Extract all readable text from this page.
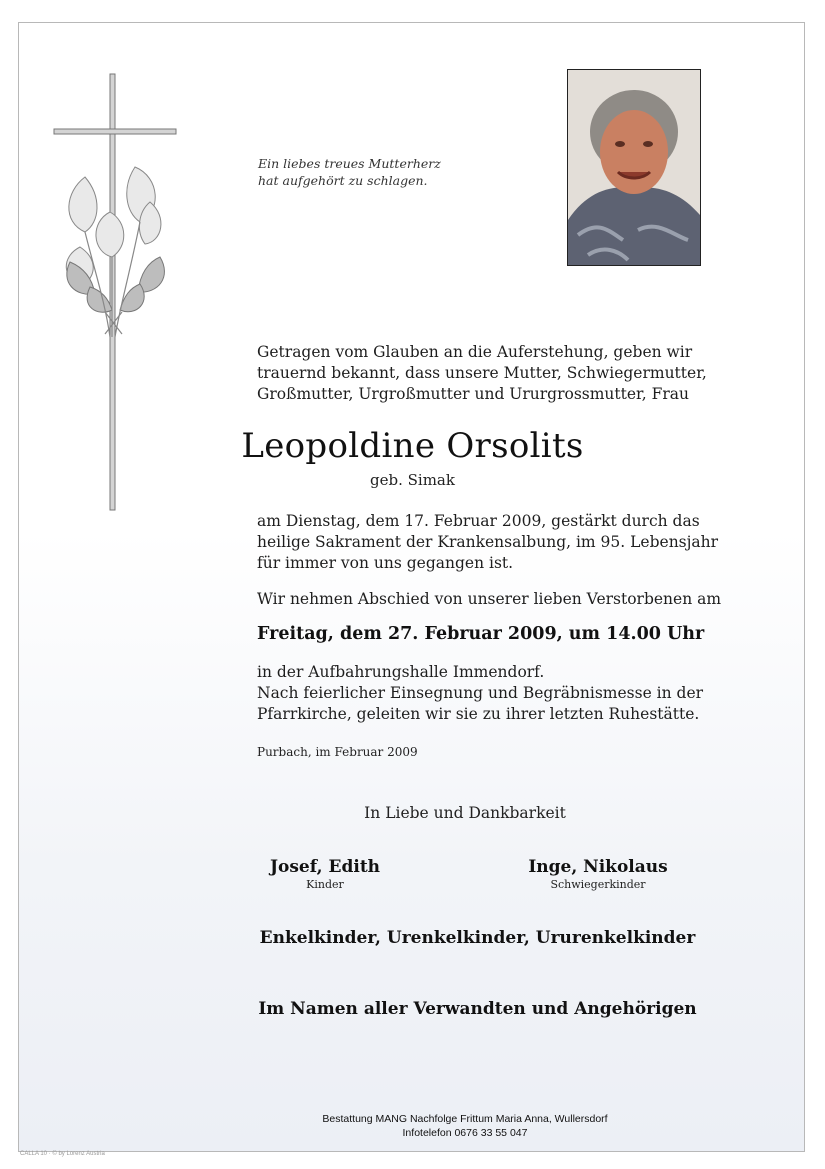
Ein liebes treues Mutterherz
hat aufgehört zu schlagen.
Getragen vom Glauben an die Auferstehung, geben wir
trauernd bekannt, dass unsere Mutter, Schwiegermutter,
Großmutter, Urgroßmutter und Ururgrossmutter, Frau
Leopoldine Orsolits
geb. Simak
am Dienstag, dem 17. Februar 2009, gestärkt durch das
heilige Sakrament der Krankensalbung, im 95. Lebensjahr
für immer von uns gegangen ist.
Wir nehmen Abschied von unserer lieben Verstorbenen am
Freitag, dem 27. Februar 2009, um 14.00 Uhr
in der Aufbahrungshalle Immendorf.
Nach feierlicher Einsegnung und Begräbnismesse in der
Pfarrkirche, geleiten wir sie zu ihrer letzten Ruhestätte.
Purbach, im Februar 2009
In Liebe und Dankbarkeit
Josef, Edith
Kinder
Inge, Nikolaus
Schwiegerkinder
Enkelkinder, Urenkelkinder, Ururenkelkinder
Im Namen aller Verwandten und Angehörigen
Bestattung MANG Nachfolge Frittum Maria Anna, Wullersdorf
Infotelefon 0676 33 55 047
CALLA 10 · © by Lorenz Austria
